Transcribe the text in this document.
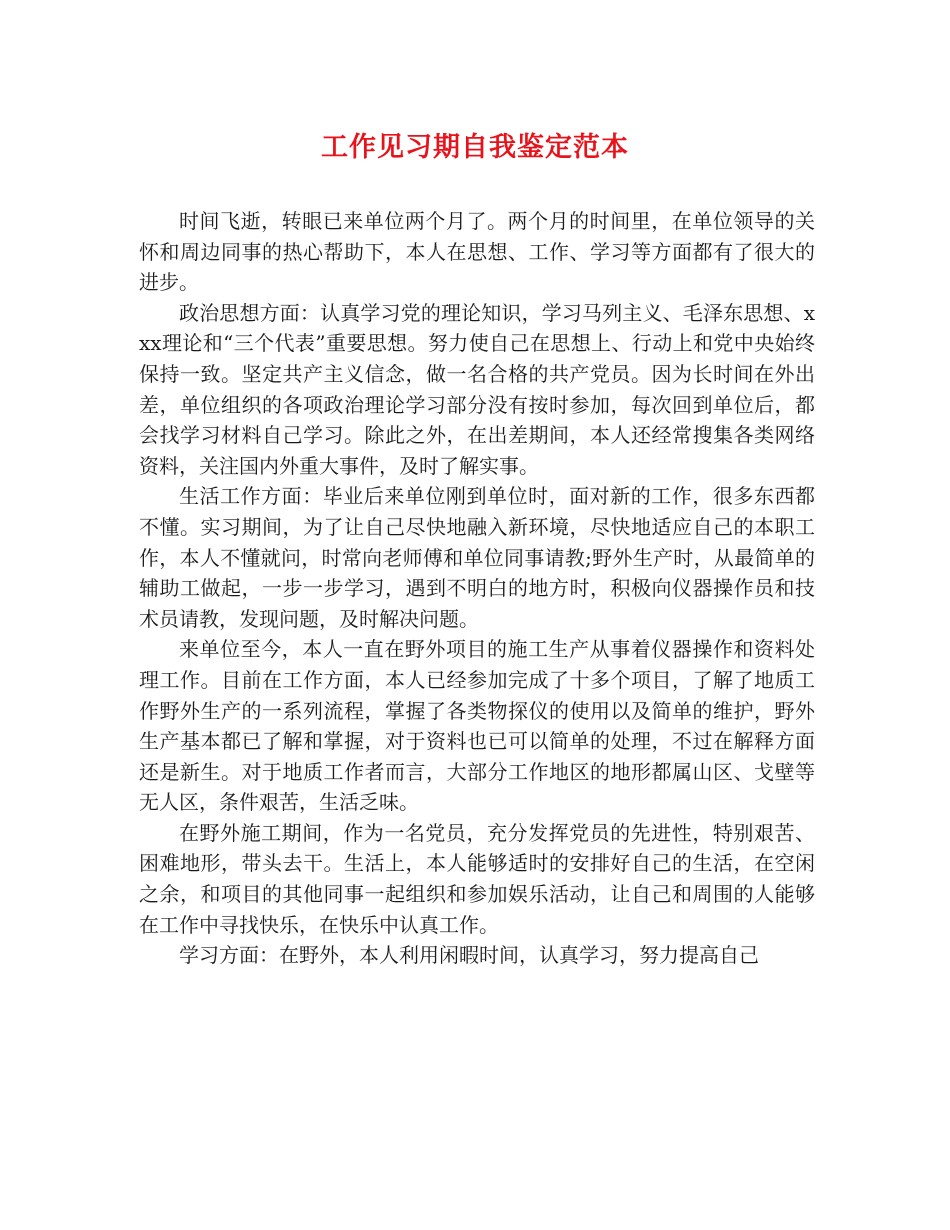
工作见习期自我鉴定范本

时间飞逝，转眼已来单位两个月了。两个月的时间里，在单位领导的关怀和周边同事的热心帮助下，本人在思想、工作、学习等方面都有了很大的进步。

政治思想方面：认真学习党的理论知识，学习马列主义、毛泽东思想、xxx理论和“三个代表”重要思想。努力使自己在思想上、行动上和党中央始终保持一致。坚定共产主义信念，做一名合格的共产党员。因为长时间在外出差，单位组织的各项政治理论学习部分没有按时参加，每次回到单位后，都会找学习材料自己学习。除此之外，在出差期间，本人还经常搜集各类网络资料，关注国内外重大事件，及时了解实事。

生活工作方面：毕业后来单位刚到单位时，面对新的工作，很多东西都不懂。实习期间，为了让自己尽快地融入新环境，尽快地适应自己的本职工作，本人不懂就问，时常向老师傅和单位同事请教;野外生产时，从最简单的辅助工做起，一步一步学习，遇到不明白的地方时，积极向仪器操作员和技术员请教，发现问题，及时解决问题。

来单位至今，本人一直在野外项目的施工生产从事着仪器操作和资料处理工作。目前在工作方面，本人已经参加完成了十多个项目，了解了地质工作野外生产的一系列流程，掌握了各类物探仪的使用以及简单的维护，野外生产基本都已了解和掌握，对于资料也已可以简单的处理，不过在解释方面还是新生。对于地质工作者而言，大部分工作地区的地形都属山区、戈壁等无人区，条件艰苦，生活乏味。

在野外施工期间，作为一名党员，充分发挥党员的先进性，特别艰苦、困难地形，带头去干。生活上，本人能够适时的安排好自己的生活，在空闲之余，和项目的其他同事一起组织和参加娱乐活动，让自己和周围的人能够在工作中寻找快乐，在快乐中认真工作。

学习方面：在野外，本人利用闲暇时间，认真学习，努力提高自己
